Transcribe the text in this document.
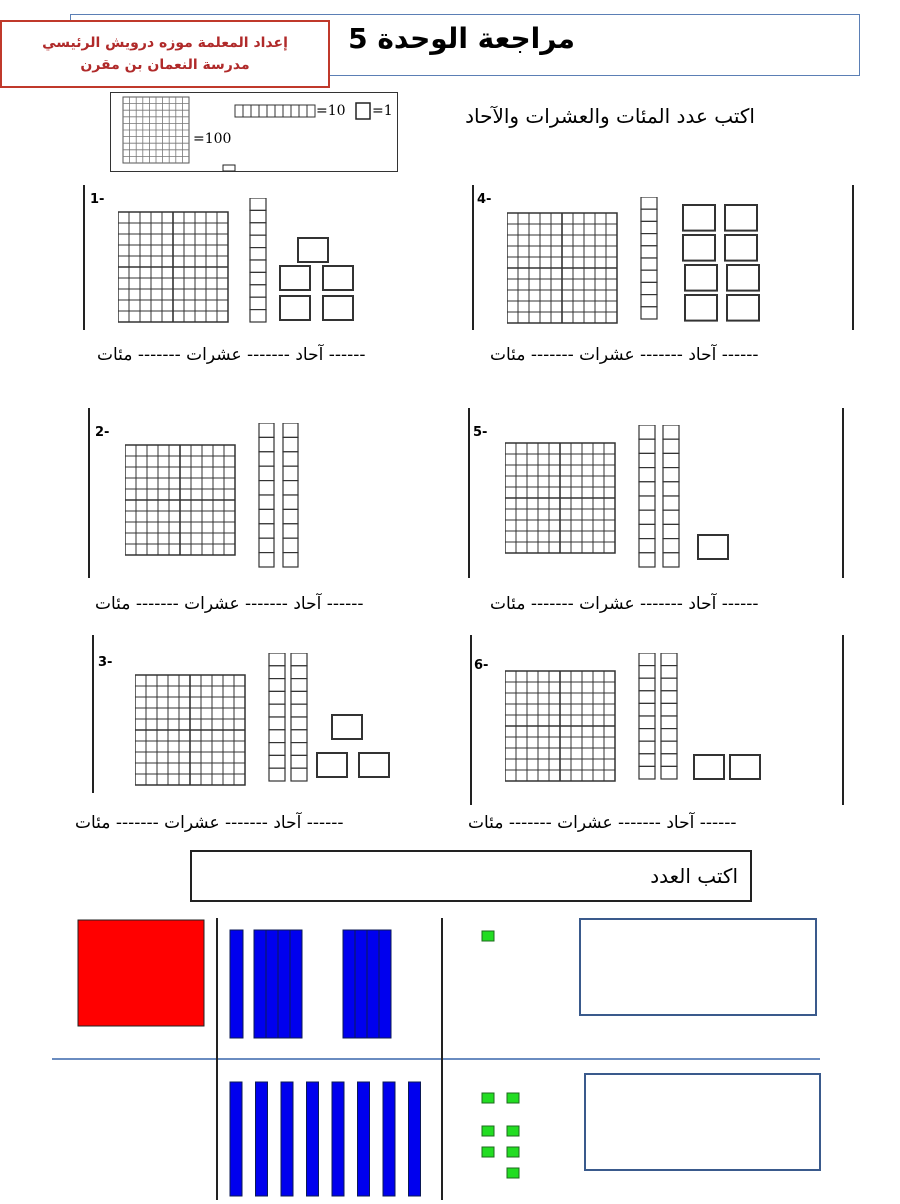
مراجعة الوحدة 5
إعداد المعلمة موزه درويش الرئيسي
مدرسة النعمان بن مقرن
اكتب عدد المئات والعشرات والآحاد
=100
=10 =1
1-
2-
3-
4-
5-
6-
------ آحاد ------- عشرات ------- مئات	------ آحاد ------- عشرات ------- مئات
------ آحاد ------- عشرات ------- مئات	------ آحاد ------- عشرات ------- مئات
------ آحاد ------- عشرات ------- مئات	------ آحاد ------- عشرات ------- مئات
اكتب العدد
